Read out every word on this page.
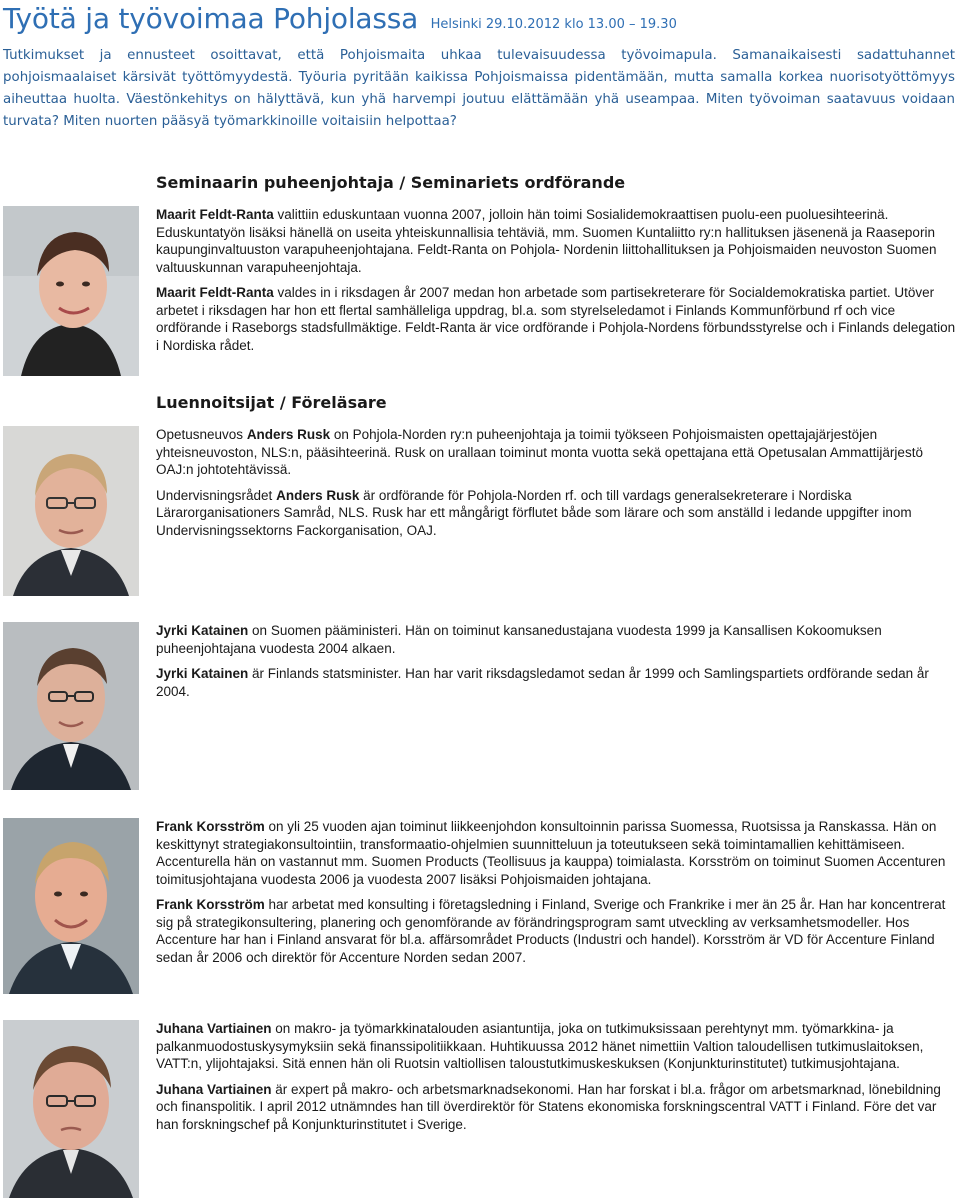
Työtä ja työvoimaa Pohjolassa Helsinki 29.10.2012 klo 13.00 – 19.30
Tutkimukset ja ennusteet osoittavat, että Pohjoismaita uhkaa tulevaisuudessa työvoimapula. Samanaikaisesti sadattuhannet pohjoismaalaiset kärsivät työttömyydestä. Työuria pyritään kaikissa Pohjoismaissa pidentämään, mutta samalla korkea nuorisotyöttömyys aiheuttaa huolta. Väestönkehitys on hälyttävä, kun yhä harvempi joutuu elättämään yhä useampaa. Miten työvoiman saatavuus voidaan turvata? Miten nuorten pääsyä työmarkkinoille voitaisiin helpottaa?
Seminaarin puheenjohtaja / Seminariets ordförande

Maarit Feldt-Ranta valittiin eduskuntaan vuonna 2007, jolloin hän toimi Sosialidemokraattisen puolu-een puoluesihteerinä. Eduskuntatyön lisäksi hänellä on useita yhteiskunnallisia tehtäviä, mm. Suomen Kuntaliitto ry:n hallituksen jäsenenä ja Raaseporin kaupunginvaltuuston varapuheenjohtajana. Feldt-Ranta on Pohjola- Nordenin liittohallituksen ja Pohjoismaiden neuvoston Suomen valtuuskunnan varapuheenjohtaja.

Maarit Feldt-Ranta valdes in i riksdagen år 2007 medan hon arbetade som partisekreterare för Socialdemokratiska partiet. Utöver arbetet i riksdagen har hon ett flertal samhälleliga uppdrag, bl.a. som styrelseledamot i Finlands Kommunförbund rf och vice ordförande i Raseborgs stadsfullmäktige. Feldt-Ranta är vice ordförande i Pohjola-Nordens förbundsstyrelse och i Finlands delegation i Nordiska rådet.

Luennoitsijat / Föreläsare

Opetusneuvos Anders Rusk on Pohjola-Norden ry:n puheenjohtaja ja toimii työkseen Pohjoismaisten opettajajärjestöjen yhteisneuvoston, NLS:n, pääsihteerinä. Rusk on urallaan toiminut monta vuotta sekä opettajana että Opetusalan Ammattijärjestö OAJ:n johtotehtävissä.

Undervisningsrådet Anders Rusk är ordförande för Pohjola-Norden rf. och till vardags generalsekreterare i Nordiska Lärarorganisationers Samråd, NLS. Rusk har ett mångårigt förflutet både som lärare och som anställd i ledande uppgifter inom Undervisningssektorns Fackorganisation, OAJ.

Jyrki Katainen on Suomen pääministeri. Hän on toiminut kansanedustajana vuodesta 1999 ja Kansallisen Kokoomuksen puheenjohtajana vuodesta 2004 alkaen.

Jyrki Katainen är Finlands statsminister. Han har varit riksdagsledamot sedan år 1999 och Samlingspartiets ordförande sedan år 2004.

Frank Korsström on yli 25 vuoden ajan toiminut liikkeenjohdon konsultoinnin parissa Suomessa, Ruotsissa ja Ranskassa. Hän on keskittynyt strategiakonsultointiin, transformaatio-ohjelmien suunnitteluun ja toteutukseen sekä toimintamallien kehittämiseen. Accenturella hän on vastannut mm. Suomen Products (Teollisuus ja kauppa) toimialasta. Korsström on toiminut Suomen Accenturen toimitusjohtajana vuodesta 2006 ja vuodesta 2007 lisäksi Pohjoismaiden johtajana.

Frank Korsström har arbetat med konsulting i företagsledning i Finland, Sverige och Frankrike i mer än 25 år. Han har koncentrerat sig på strategikonsultering, planering och genomförande av förändringsprogram samt utveckling av verksamhetsmodeller. Hos Accenture har han i Finland ansvarat för bl.a. affärsområdet Products (Industri och handel). Korsström är VD för Accenture Finland sedan år 2006 och direktör för Accenture Norden sedan 2007.

Juhana Vartiainen on makro- ja työmarkkinatalouden asiantuntija, joka on tutkimuksissaan perehtynyt mm. työmarkkina- ja palkanmuodostuskysymyksiin sekä finanssipolitiikkaan. Huhtikuussa 2012 hänet nimettiin Valtion taloudellisen tutkimuslaitoksen, VATT:n, ylijohtajaksi. Sitä ennen hän oli Ruotsin valtiollisen taloustutkimuskeskuksen (Konjunkturinstitutet) tutkimusjohtajana.

Juhana Vartiainen är expert på makro- och arbetsmarknadsekonomi. Han har forskat i bl.a. frågor om arbetsmarknad, lönebildning och finanspolitik. I april 2012 utnämndes han till överdirektör för Statens ekonomiska forskningscentral VATT i Finland. Före det var han forskningschef på Konjunkturinstitutet i Sverige.
